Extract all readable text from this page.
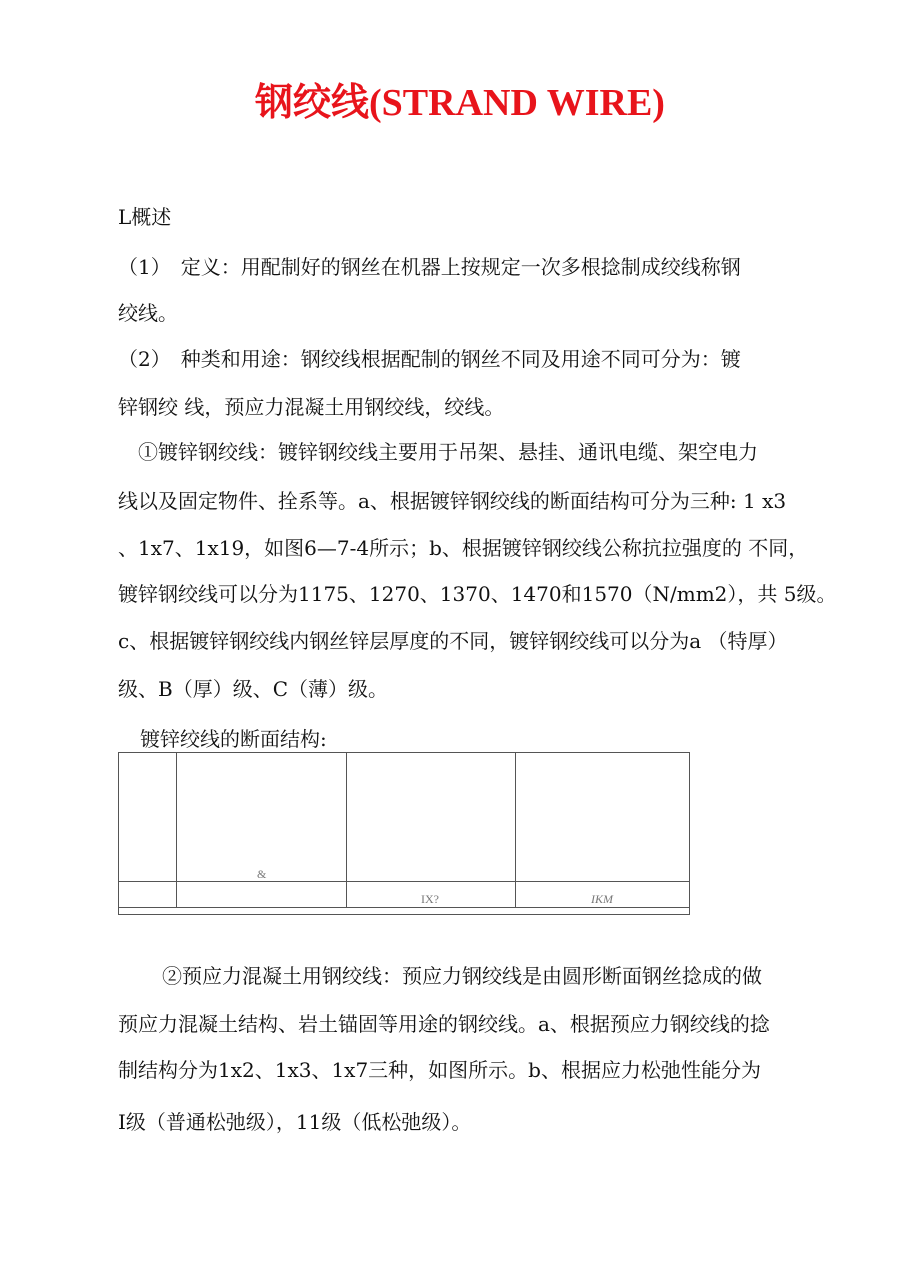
钢绞线(STRAND WIRE)
L概述
（1）　定义：用配制好的钢丝在机器上按规定一次多根捻制成绞线称钢
绞线。
（2）　种类和用途：钢绞线根据配制的钢丝不同及用途不同可分为：镀
锌钢绞 线，预应力混凝土用钢绞线，绞线。
①镀锌钢绞线：镀锌钢绞线主要用于吊架、悬挂、通讯电缆、架空电力
线以及固定物件、拴系等。a、根据镀锌钢绞线的断面结构可分为三种: 1 x3
、1x7、1x19，如图6—7-4所示；b、根据镀锌钢绞线公称抗拉强度的 不同，
镀锌钢绞线可以分为1175、1270、1370、1470和1570（N/mm2），共 5级。
c、根据镀锌钢绞线内钢丝锌层厚度的不同，镀锌钢绞线可以分为a （特厚）
级、B（厚）级、C（薄）级。
镀锌绞线的断面结构:
&
IX?	IKM
②预应力混凝土用钢绞线：预应力钢绞线是由圆形断面钢丝捻成的做
预应力混凝土结构、岩土锚固等用途的钢绞线。a、根据预应力钢绞线的捻
制结构分为1x2、1x3、1x7三种，如图所示。b、根据应力松弛性能分为
I级（普通松弛级），11级（低松弛级）。
